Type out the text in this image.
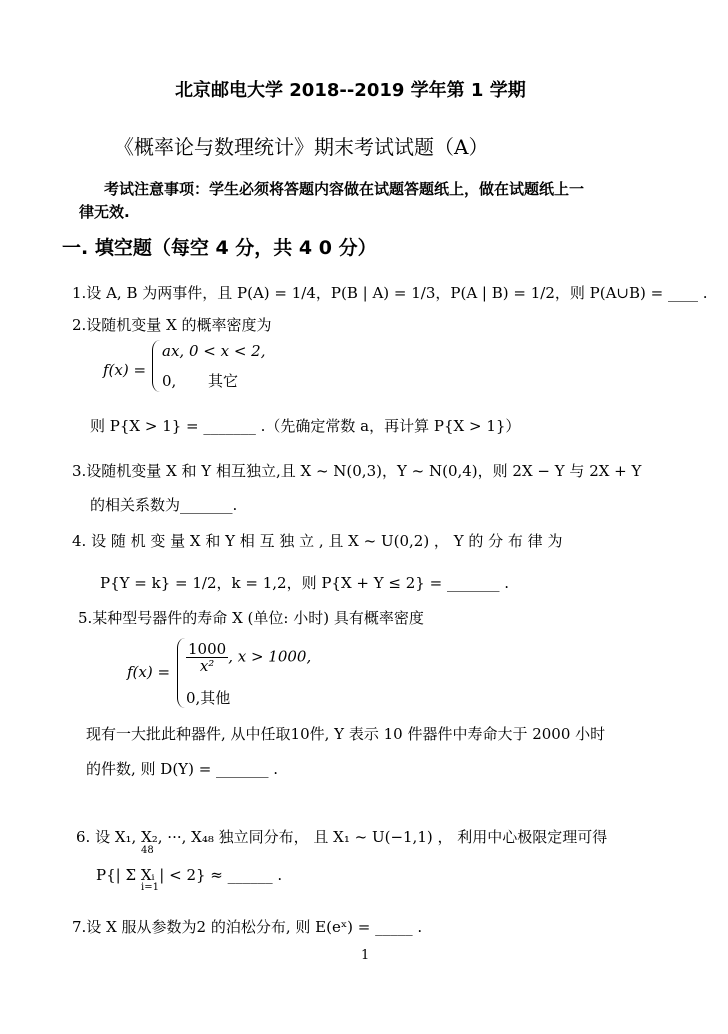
北京邮电大学 2018--2019 学年第 1 学期
《概率论与数理统计》期末考试试题（A）
考试注意事项：学生必须将答题内容做在试题答题纸上，做在试题纸上一
律无效.
一. 填空题（每空 4 分，共 4 0 分）
1.设 A, B 为两事件，且 P(A) = 1/4，P(B | A) = 1/3，P(A | B) = 1/2，则 P(A∪B) = ____ .
2.设随机变量 X 的概率密度为
f(x) =
ax, 0 < x < 2,
0, 其它
则 P{X > 1} = _______ .（先确定常数 a，再计算 P{X > 1}）
3.设随机变量 X 和 Y 相互独立,且 X ~ N(0,3)，Y ~ N(0,4)，则 2X − Y 与 2X + Y
的相关系数为_______.
4. 设 随 机 变 量 X 和 Y 相 互 独 立 , 且 X ~ U(0,2) ， Y 的 分 布 律 为
P{Y = k} = 1/2，k = 1,2，则 P{X + Y ≤ 2} = _______ .
5.某种型号器件的寿命 X (单位: 小时) 具有概率密度
$f(x) = \frac{1000}{\text{x²}}$ , x > 1000,
0,其他
现有一大批此种器件, 从中任取10件, Y 表示 10 件器件中寿命大于 2000 小时
的件数, 则 D(Y) = _______ .
6. 设 X₁, X₂, ···, X₄₈ 独立同分布， 且 X₁ ~ U(−1,1) ， 利用中心极限定理可得
48
i=1
P{| Σ Xᵢ | < 2} ≈ ______ .
7.设 X 服从参数为2 的泊松分布, 则 E(eˣ) = _____ .
1
